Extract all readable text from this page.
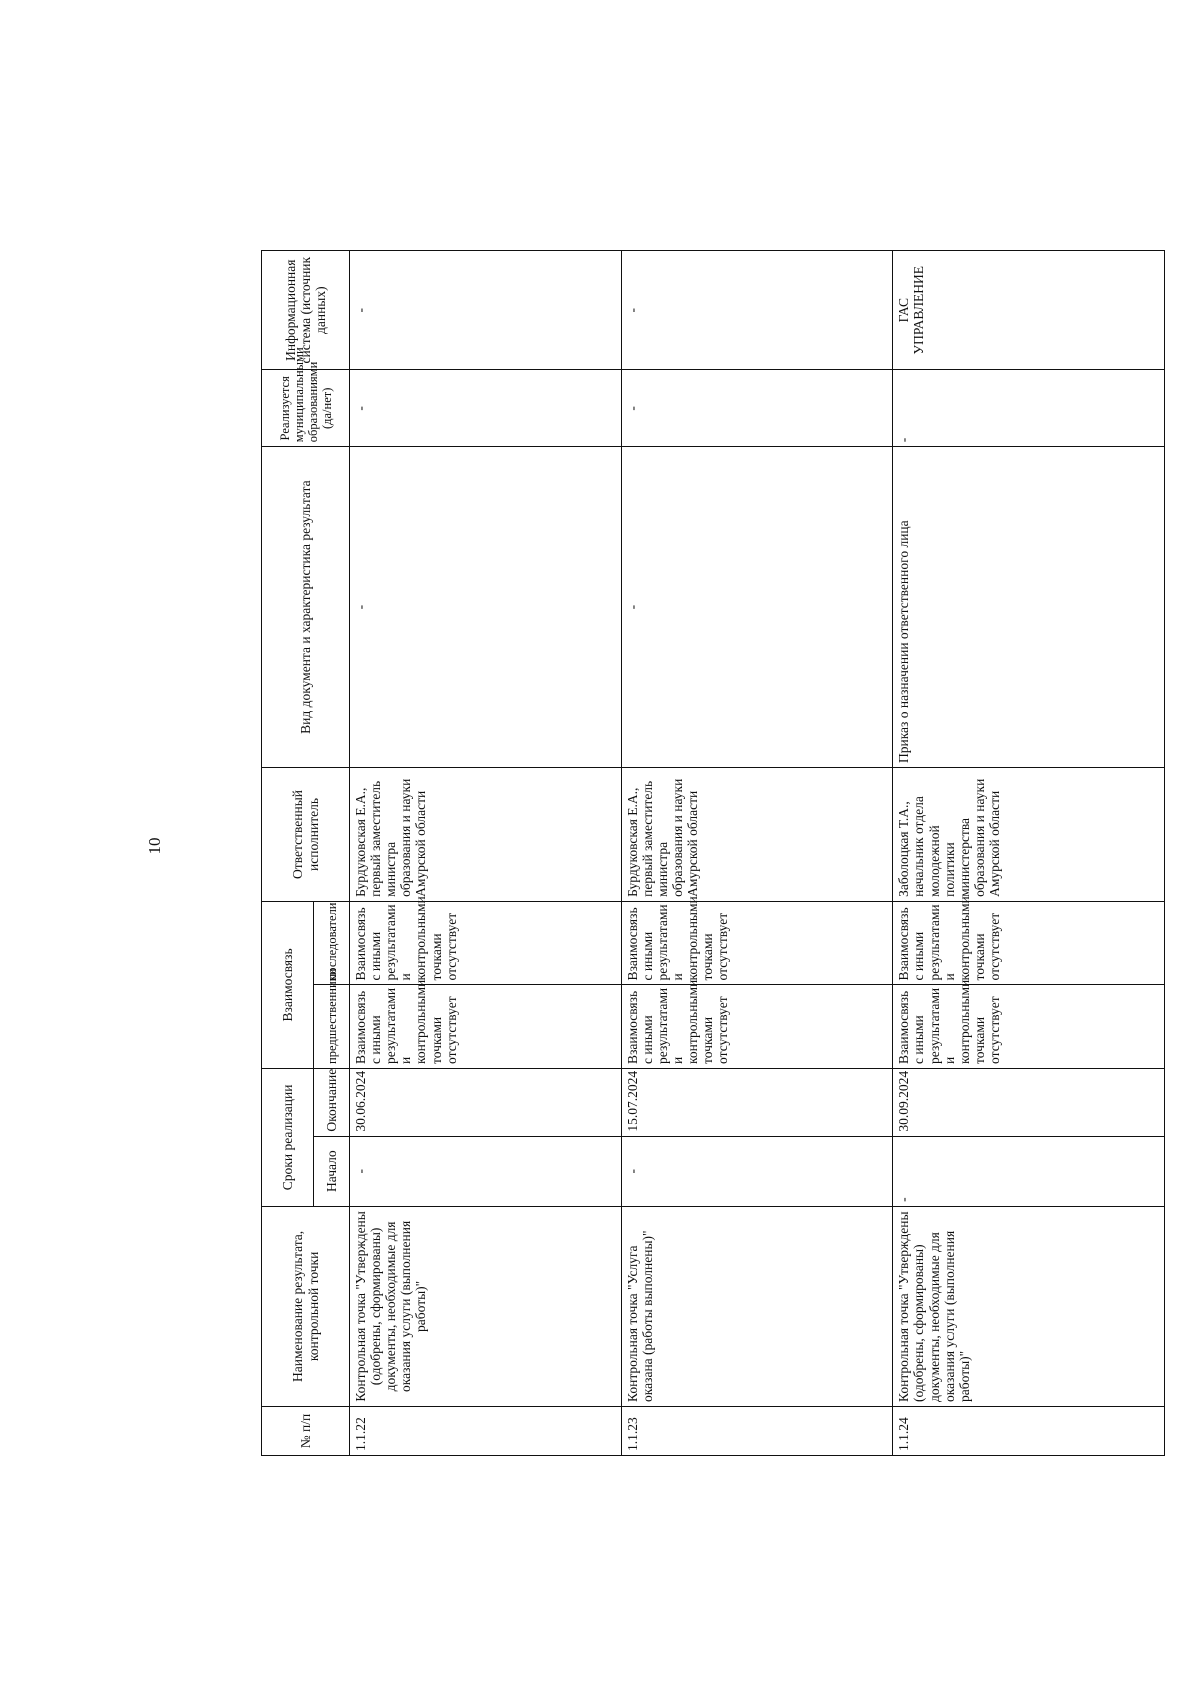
10
№ п/п	Наименование результата, контрольной точки	Сроки реализации		Взаимосвязь		Ответственный исполнитель	Вид документа и характеристика результата	Реализуется муниципальными образованиями (да/нет)	Информационная система (источник данных)
		Начало	Окончание	предшественники	последователи				
1.1.22	Контрольная точка "Утверждены (одобрены, сформированы) документы, необходимые для оказания услуги (выполнения работы)"	-	30.06.2024	Взаимосвязь с иными результатами и контрольными точками отсутствует	Взаимосвязь с иными результатами и контрольными точками отсутствует	Бурдуковская Е.А., первый заместитель министра образования и науки Амурской области	-	-	-
1.1.23	Контрольная точка "Услуга оказана (работы выполнены)"	-	15.07.2024	Взаимосвязь с иными результатами и контрольными точками отсутствует	Взаимосвязь с иными результатами и контрольными точками отсутствует	Бурдуковская Е.А., первый заместитель министра образования и науки Амурской области	-	-	-
1.1.24	Контрольная точка "Утверждены (одобрены, сформированы) документы, необходимые для оказания услуги (выполнения работы)"	-	30.09.2024	Взаимосвязь с иными результатами и контрольными точками отсутствует	Взаимосвязь с иными результатами и контрольными точками отсутствует	Заболоцкая Т.А., начальник отдела молодежной политики министерства образования и науки Амурской области	Приказ о назначении ответственного лица	-	ГАС УПРАВЛЕНИЕ
